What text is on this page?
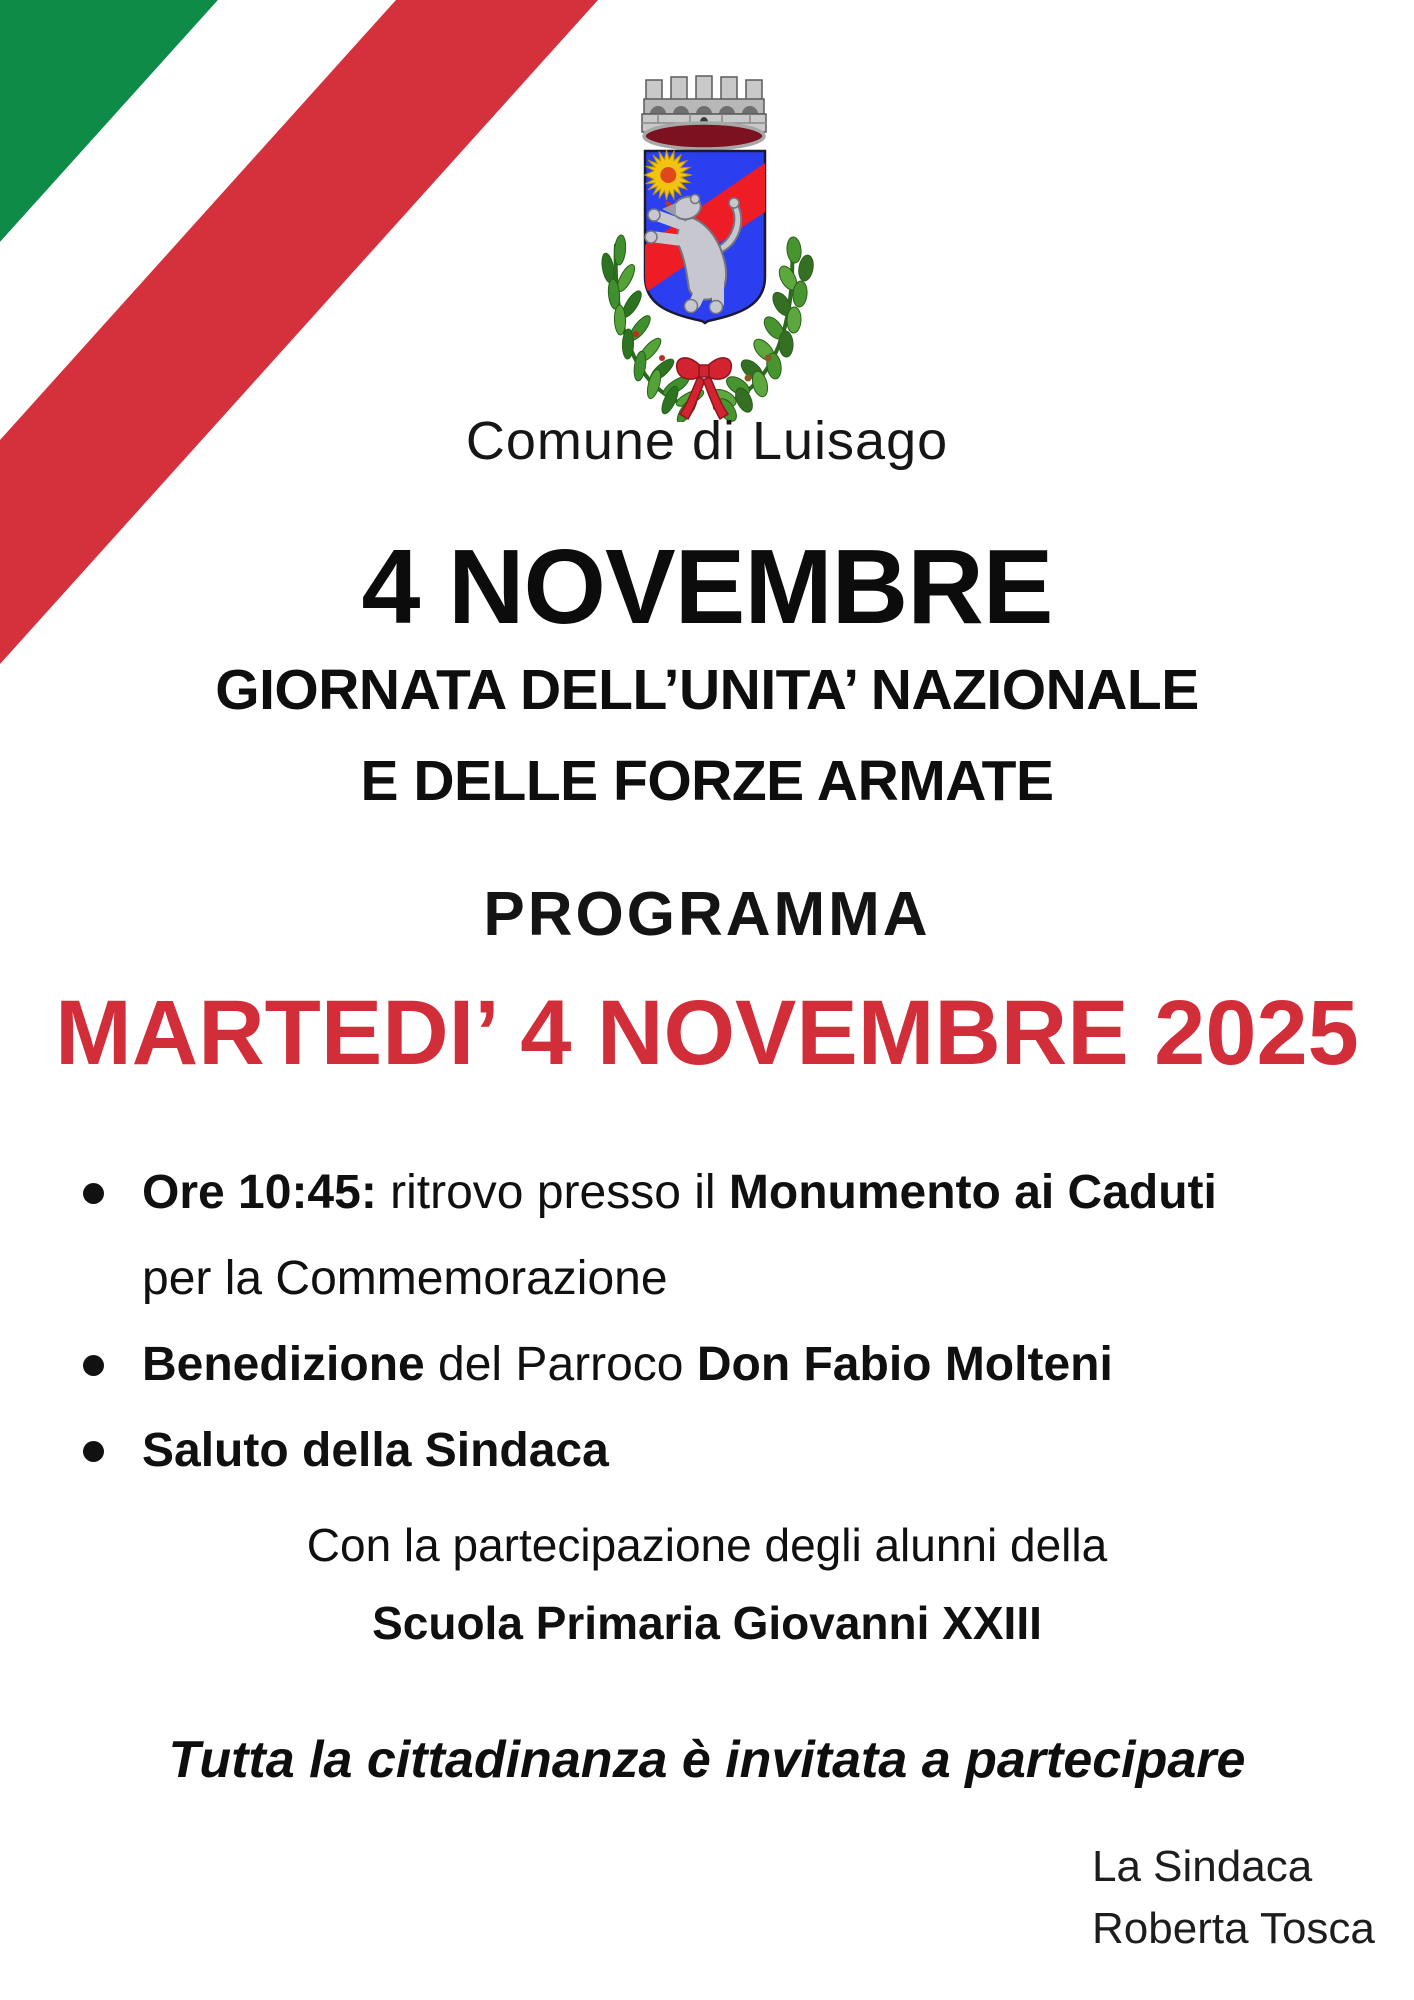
Comune di Luisago
4 NOVEMBRE
GIORNATA DELL’UNITA’ NAZIONALE
E DELLE FORZE ARMATE
PROGRAMMA
MARTEDI’ 4 NOVEMBRE 2025
Ore 10:45: ritrovo presso il Monumento ai Caduti
per la Commemorazione
Benedizione del Parroco Don Fabio Molteni
Saluto della Sindaca
Con la partecipazione degli alunni della
Scuola Primaria Giovanni XXIII
Tutta la cittadinanza è invitata a partecipare
La Sindaca
Roberta Tosca
